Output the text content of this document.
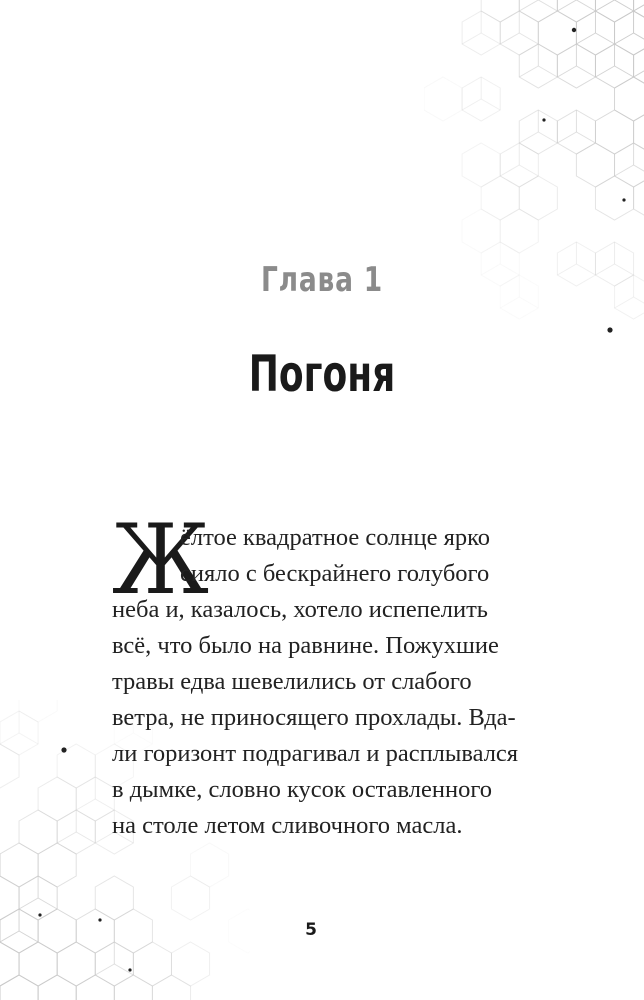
Глава 1
Погоня
Ж
ёлтое квадратное солнце ярко
сияло с бескрайнего голубого
неба и, казалось, хотело испепелить
всё, что было на равнине. Пожухшие
травы едва шевелились от слабого
ветра, не приносящего прохлады. Вда-
ли горизонт подрагивал и расплывался
в дымке, словно кусок оставленного
на столе летом сливочного масла.
5
